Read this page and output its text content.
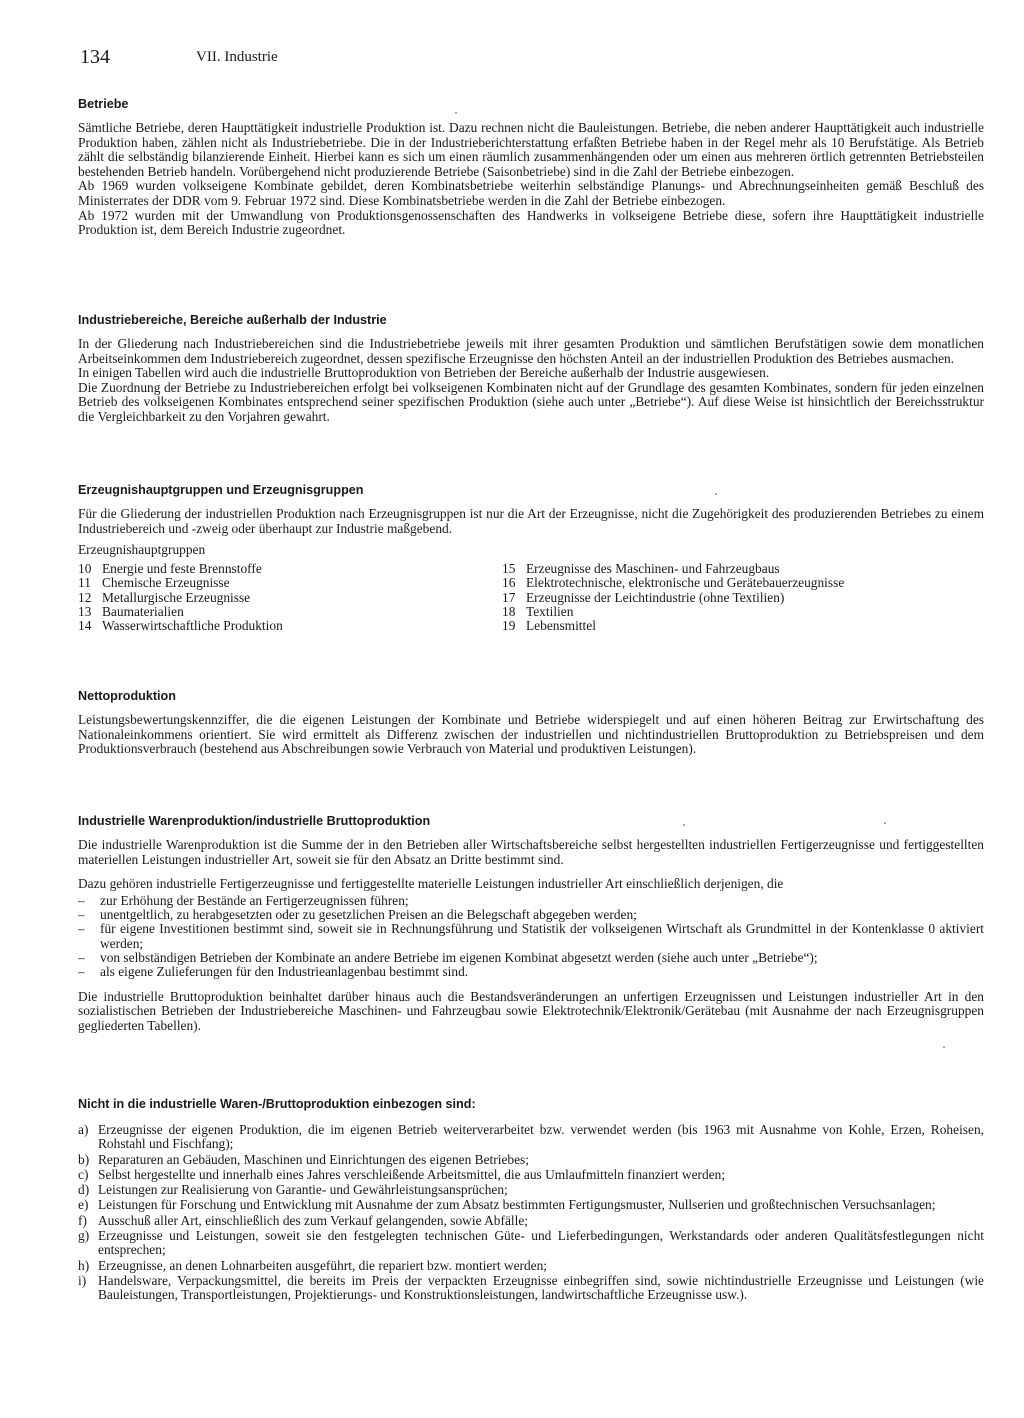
134	VII. Industrie
Betriebe

Sämtliche Betriebe, deren Haupttätigkeit industrielle Produktion ist. Dazu rechnen nicht die Bauleistungen. Betriebe, die neben anderer Haupttätigkeit auch industrielle Produktion haben, zählen nicht als Industriebetriebe. Die in der Industrieberichterstattung erfaßten Betriebe haben in der Regel mehr als 10 Berufstätige. Als Betrieb zählt die selbständig bilanzierende Einheit. Hierbei kann es sich um einen räumlich zusammenhängenden oder um einen aus mehreren örtlich getrennten Betriebsteilen bestehenden Betrieb handeln. Vorübergehend nicht produzierende Betriebe (Saisonbetriebe) sind in die Zahl der Betriebe einbezogen.

Ab 1969 wurden volkseigene Kombinate gebildet, deren Kombinatsbetriebe weiterhin selbständige Planungs- und Abrechnungseinheiten gemäß Beschluß des Ministerrates der DDR vom 9. Februar 1972 sind. Diese Kombinatsbetriebe werden in die Zahl der Betriebe einbezogen.

Ab 1972 wurden mit der Umwandlung von Produktionsgenossenschaften des Handwerks in volkseigene Betriebe diese, sofern ihre Haupttätigkeit industrielle Produktion ist, dem Bereich Industrie zugeordnet.

Industriebereiche, Bereiche außerhalb der Industrie

In der Gliederung nach Industriebereichen sind die Industriebetriebe jeweils mit ihrer gesamten Produktion und sämtlichen Berufstätigen sowie dem monatlichen Arbeitseinkommen dem Industriebereich zugeordnet, dessen spezifische Erzeugnisse den höchsten Anteil an der industriellen Produktion des Betriebes ausmachen.

In einigen Tabellen wird auch die industrielle Bruttoproduktion von Betrieben der Bereiche außerhalb der Industrie ausgewiesen.

Die Zuordnung der Betriebe zu Industriebereichen erfolgt bei volkseigenen Kombinaten nicht auf der Grundlage des gesamten Kombinates, sondern für jeden einzelnen Betrieb des volkseigenen Kombinates entsprechend seiner spezifischen Produktion (siehe auch unter „Betriebe“). Auf diese Weise ist hinsichtlich der Bereichsstruktur die Vergleichbarkeit zu den Vorjahren gewahrt.

Erzeugnishauptgruppen und Erzeugnisgruppen

Für die Gliederung der industriellen Produktion nach Erzeugnisgruppen ist nur die Art der Erzeugnisse, nicht die Zugehörigkeit des produzierenden Betriebes zu einem Industriebereich und -zweig oder überhaupt zur Industrie maßgebend.

Erzeugnishauptgruppen
10 Energie und feste Brennstoffe
11 Chemische Erzeugnisse
12 Metallurgische Erzeugnisse
13 Baumaterialien
14 Wasserwirtschaftliche Produktion
15 Erzeugnisse des Maschinen- und Fahrzeugbaus
16 Elektrotechnische, elektronische und Gerätebauerzeugnisse
17 Erzeugnisse der Leichtindustrie (ohne Textilien)
18 Textilien
19 Lebensmittel
Nettoproduktion

Leistungsbewertungskennziffer, die die eigenen Leistungen der Kombinate und Betriebe widerspiegelt und auf einen höheren Beitrag zur Erwirtschaftung des Nationaleinkommens orientiert. Sie wird ermittelt als Differenz zwischen der industriellen und nichtindustriellen Bruttoproduktion zu Betriebspreisen und dem Produktionsverbrauch (bestehend aus Abschreibungen sowie Verbrauch von Material und produktiven Leistungen).

Industrielle Warenproduktion/industrielle Bruttoproduktion

Die industrielle Warenproduktion ist die Summe der in den Betrieben aller Wirtschaftsbereiche selbst hergestellten industriellen Fertigerzeugnisse und fertiggestellten materiellen Leistungen industrieller Art, soweit sie für den Absatz an Dritte bestimmt sind.

Dazu gehören industrielle Fertigerzeugnisse und fertiggestellte materielle Leistungen industrieller Art einschließlich derjenigen, die

–	zur Erhöhung der Bestände an Fertigerzeugnissen führen;
–	unentgeltlich, zu herabgesetzten oder zu gesetzlichen Preisen an die Belegschaft abgegeben werden;
–	für eigene Investitionen bestimmt sind, soweit sie in Rechnungsführung und Statistik der volkseigenen Wirtschaft als Grundmittel in der Kontenklasse 0 aktiviert werden;
–	von selbständigen Betrieben der Kombinate an andere Betriebe im eigenen Kombinat abgesetzt werden (siehe auch unter „Betriebe“);
–	als eigene Zulieferungen für den Industrieanlagenbau bestimmt sind.

Die industrielle Bruttoproduktion beinhaltet darüber hinaus auch die Bestandsveränderungen an unfertigen Erzeugnissen und Leistungen industrieller Art in den sozialistischen Betrieben der Industriebereiche Maschinen- und Fahrzeugbau sowie Elektrotechnik/Elektronik/Gerätebau (mit Ausnahme der nach Erzeugnisgruppen gegliederten Tabellen).

Nicht in die industrielle Waren-/Bruttoproduktion einbezogen sind:
a) Erzeugnisse der eigenen Produktion, die im eigenen Betrieb weiterverarbeitet bzw. verwendet werden (bis 1963 mit Ausnahme von Kohle, Erzen, Roheisen, Rohstahl und Fischfang);
b) Reparaturen an Gebäuden, Maschinen und Einrichtungen des eigenen Betriebes;
c) Selbst hergestellte und innerhalb eines Jahres verschleißende Arbeitsmittel, die aus Umlaufmitteln finanziert werden;
d) Leistungen zur Realisierung von Garantie- und Gewährleistungsansprüchen;
e) Leistungen für Forschung und Entwicklung mit Ausnahme der zum Absatz bestimmten Fertigungsmuster, Nullserien und großtechnischen Versuchsanlagen;
f) Ausschuß aller Art, einschließlich des zum Verkauf gelangenden, sowie Abfälle;
g) Erzeugnisse und Leistungen, soweit sie den festgelegten technischen Güte- und Lieferbedingungen, Werkstandards oder anderen Qualitätsfestlegungen nicht entsprechen;
h) Erzeugnisse, an denen Lohnarbeiten ausgeführt, die repariert bzw. montiert werden;
i) Handelsware, Verpackungsmittel, die bereits im Preis der verpackten Erzeugnisse einbegriffen sind, sowie nichtindustrielle Erzeugnisse und Leistungen (wie Bauleistungen, Transportleistungen, Projektierungs- und Konstruktionsleistungen, landwirtschaftliche Erzeugnisse usw.).
